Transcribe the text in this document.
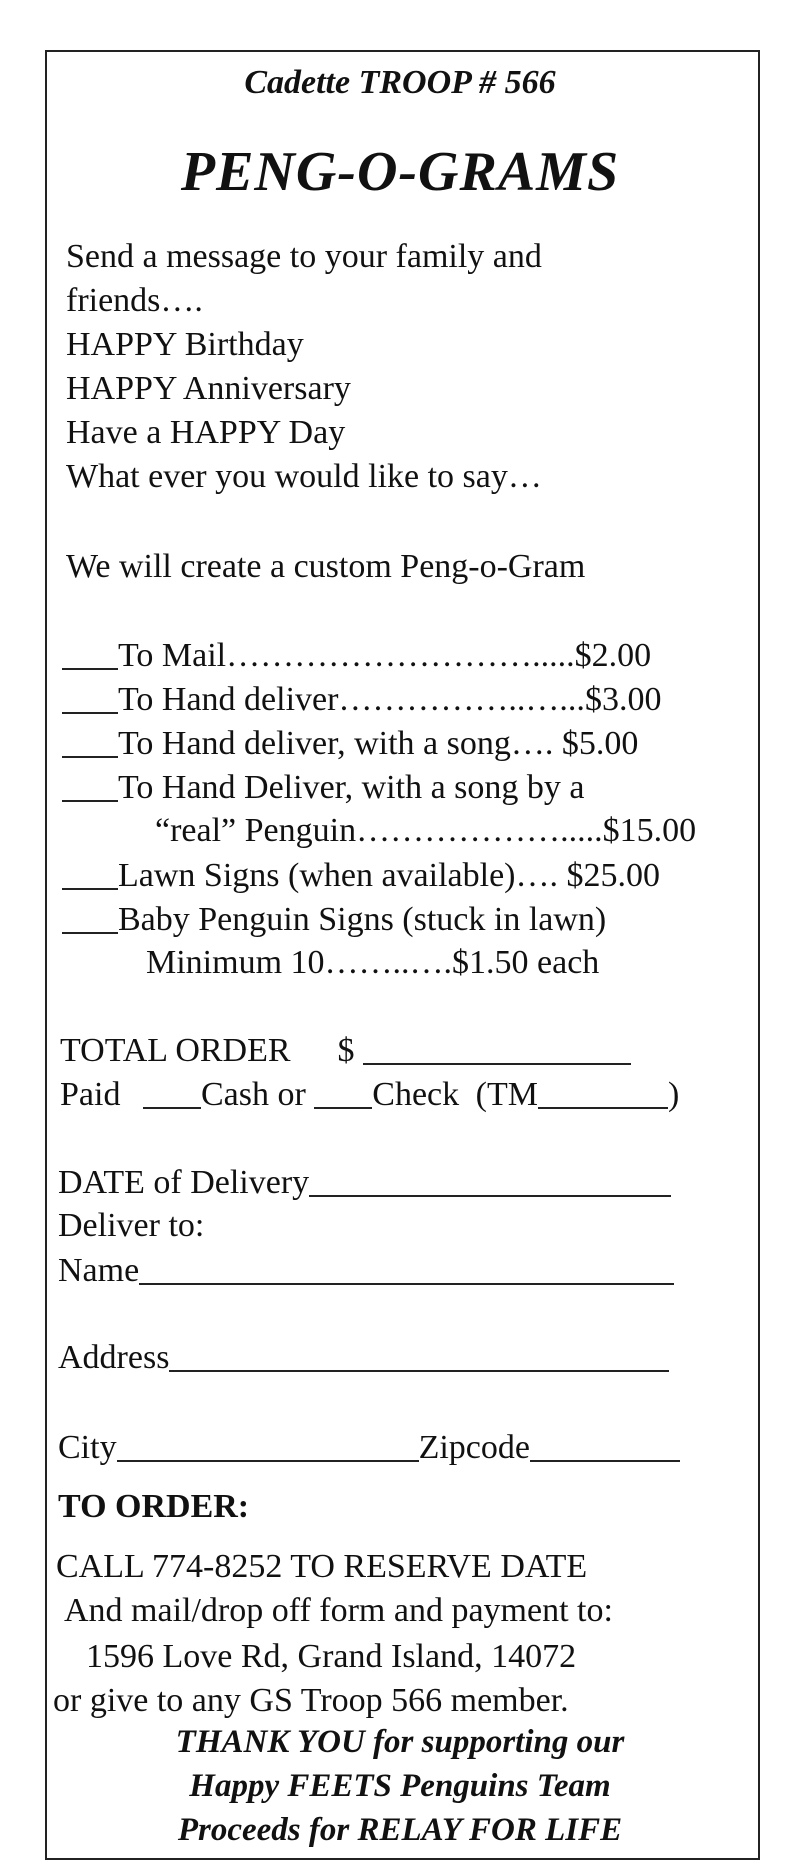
Cadette TROOP # 566
PENG-O-GRAMS
Send a message to your family and
friends….
HAPPY Birthday
HAPPY Anniversary
Have a HAPPY Day
What ever you would like to say…
We will create a custom Peng-o-Gram
To Mail……………………….....$2.00
To Hand deliver……………..…...$3.00
To Hand deliver, with a song…. $5.00
To Hand Deliver, with a song by a
“real” Penguin……………….....$15.00
Lawn Signs (when available)…. $25.00
Baby Penguin Signs (stuck in lawn)
Minimum 10……..….$1.50 each
TOTAL ORDER $
Paid Cash or Check (TM	)
DATE of Delivery
Deliver to:
Name
Address
City	Zipcode
TO ORDER:
CALL 774-8252 TO RESERVE DATE
And mail/drop off form and payment to:
1596 Love Rd, Grand Island, 14072
or give to any GS Troop 566 member.
THANK YOU for supporting our
Happy FEETS Penguins Team
Proceeds for RELAY FOR LIFE
